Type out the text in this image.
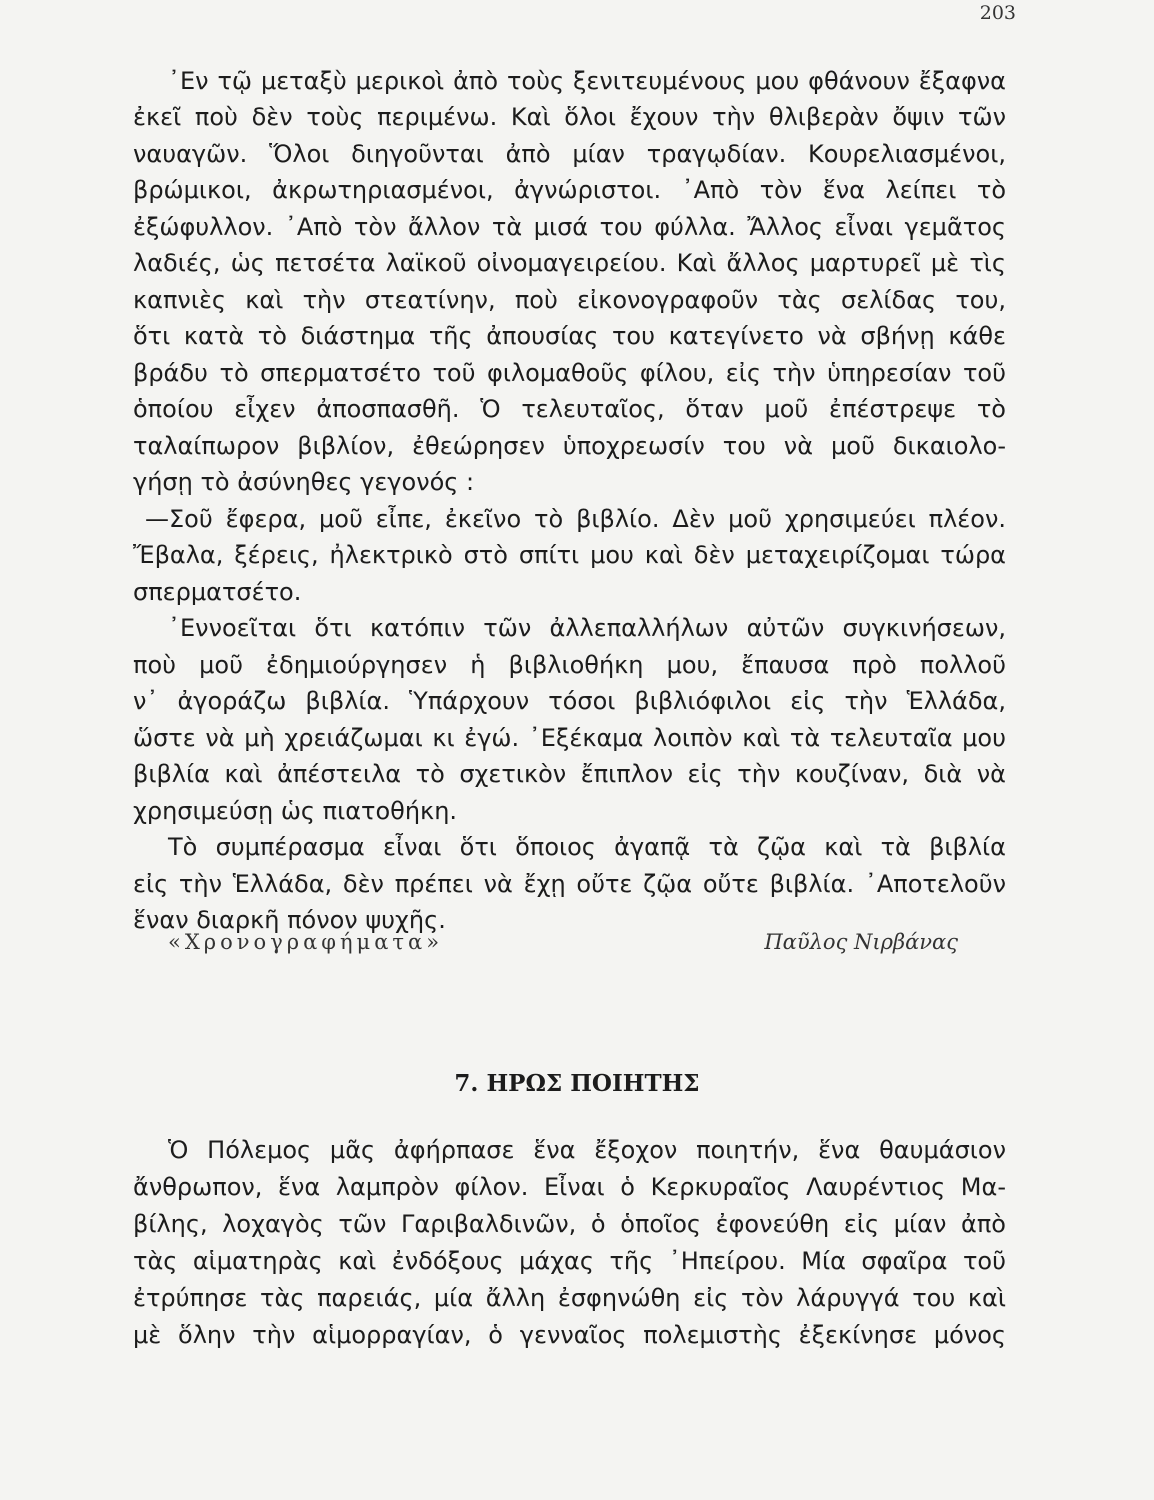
203
᾿Εν τῷ μεταξὺ μερικοὶ ἀπὸ τοὺς ξενιτευμένους μου φθάνουν ἔξαφνα
ἐκεῖ ποὺ δὲν τοὺς περιμένω. Καὶ ὅλοι ἔχουν τὴν θλιβερὰν ὄψιν τῶν
ναυαγῶν. Ὅλοι διηγοῦνται ἀπὸ μίαν τραγῳδίαν. Κουρελιασμένοι,
βρώμικοι, ἀκρωτηριασμένοι, ἀγνώριστοι. ᾿Απὸ τὸν ἕνα λείπει τὸ
ἐξώφυλλον. ᾿Απὸ τὸν ἄλλον τὰ μισά του φύλλα. Ἄλλος εἶναι γεμᾶτος
λαδιές, ὡς πετσέτα λαϊκοῦ οἰνομαγειρείου. Καὶ ἄλλος μαρτυρεῖ μὲ τὶς
καπνιὲς καὶ τὴν στεατίνην, ποὺ εἰκονογραφοῦν τὰς σελίδας του,
ὅτι κατὰ τὸ διάστημα τῆς ἀπουσίας του κατεγίνετο νὰ σβήνῃ κάθε
βράδυ τὸ σπερματσέτο τοῦ φιλομαθοῦς φίλου, εἰς τὴν ὑπηρεσίαν τοῦ
ὁποίου εἶχεν ἀποσπασθῆ. Ὁ τελευταῖος, ὅταν μοῦ ἐπέστρεψε τὸ
ταλαίπωρον βιβλίον, ἐθεώρησεν ὑποχρεωσίν του νὰ μοῦ δικαιολο-
γήσῃ τὸ ἀσύνηθες γεγονός :
—Σοῦ ἔφερα, μοῦ εἶπε, ἐκεῖνο τὸ βιβλίο. Δὲν μοῦ χρησιμεύει πλέον.
Ἔβαλα, ξέρεις, ἠλεκτρικὸ στὸ σπίτι μου καὶ δὲν μεταχειρίζομαι τώρα
σπερματσέτο.
᾿Εννοεῖται ὅτι κατόπιν τῶν ἀλλεπαλλήλων αὐτῶν συγκινήσεων,
ποὺ μοῦ ἐδημιούργησεν ἡ βιβλιοθήκη μου, ἔπαυσα πρὸ πολλοῦ
ν᾿ ἀγοράζω βιβλία. Ὑπάρχουν τόσοι βιβλιόφιλοι εἰς τὴν Ἑλλάδα,
ὥστε νὰ μὴ χρειάζωμαι κι ἐγώ. ᾿Εξέκαμα λοιπὸν καὶ τὰ τελευταῖα μου
βιβλία καὶ ἀπέστειλα τὸ σχετικὸν ἔπιπλον εἰς τὴν κουζίναν, διὰ νὰ
χρησιμεύσῃ ὡς πιατοθήκη.
Τὸ συμπέρασμα εἶναι ὅτι ὅποιος ἀγαπᾷ τὰ ζῷα καὶ τὰ βιβλία
εἰς τὴν Ἑλλάδα, δὲν πρέπει νὰ ἔχῃ οὔτε ζῷα οὔτε βιβλία. ᾿Αποτελοῦν
ἕναν διαρκῆ πόνον ψυχῆς.
«Χρονογραφήματα»	Παῦλος Νιρβάνας
7. ΗΡΩΣ ΠΟΙΗΤΗΣ
Ὁ Πόλεμος μᾶς ἀφήρπασε ἕνα ἔξοχον ποιητήν, ἕνα θαυμάσιον
ἄνθρωπον, ἕνα λαμπρὸν φίλον. Εἶναι ὁ Κερκυραῖος Λαυρέντιος Μα-
βίλης, λοχαγὸς τῶν Γαριβαλδινῶν, ὁ ὁποῖος ἐφονεύθη εἰς μίαν ἀπὸ
τὰς αἱματηρὰς καὶ ἐνδόξους μάχας τῆς ᾿Ηπείρου. Μία σφαῖρα τοῦ
ἐτρύπησε τὰς παρειάς, μία ἄλλη ἐσφηνώθη εἰς τὸν λάρυγγά του καὶ
μὲ ὅλην τὴν αἱμορραγίαν, ὁ γενναῖος πολεμιστὴς ἐξεκίνησε μόνος
